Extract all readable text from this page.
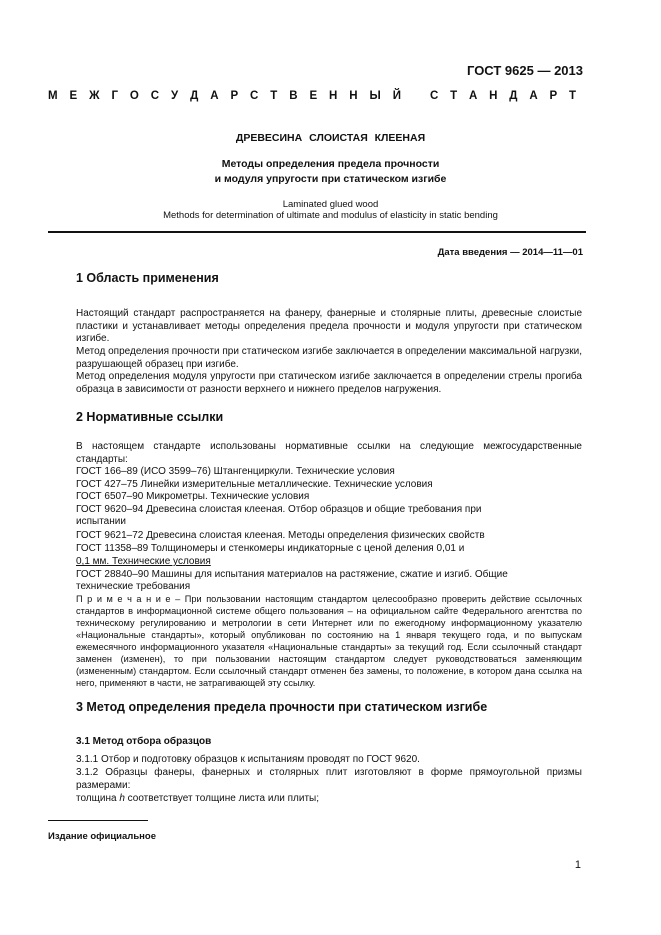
ГОСТ 9625 — 2013
М Е Ж Г О С У Д А Р С Т В Е Н Н Ы Й	С Т А Н Д А Р Т
ДРЕВЕСИНА СЛОИСТАЯ КЛЕЕНАЯ
Методы определения предела прочности
и модуля упругости при статическом изгибе
Laminated glued wood
Methods for determination of ultimate and modulus of elasticity in static bending
Дата введения — 2014—11—01
1 Область применения
Настоящий стандарт распространяется на фанеру, фанерные и столярные плиты, древесные слоистые пластики и устанавливает методы определения предела прочности и модуля упругости при статическом изгибе.
Метод определения прочности при статическом изгибе заключается в определении максимальной нагрузки, разрушающей образец при изгибе.
Метод определения модуля упругости при статическом изгибе заключается в определении стрелы прогиба образца в зависимости от разности верхнего и нижнего пределов нагружения.
2 Нормативные ссылки
В настоящем стандарте использованы нормативные ссылки на следующие межгосударственные стандарты:
ГОСТ 166–89 (ИСО 3599–76) Штангенциркули. Технические условия
ГОСТ 427–75 Линейки измерительные металлические. Технические условия
ГОСТ 6507–90 Микрометры. Технические условия
ГОСТ 9620–94 Древесина слоистая клееная. Отбор образцов и общие требования при
испытании
ГОСТ 9621–72 Древесина слоистая клееная. Методы определения физических свойств
ГОСТ 11358–89 Толщиномеры и стенкомеры индикаторные с ценой деления 0,01 и
0,1 мм. Технические условия
ГОСТ 28840–90 Машины для испытания материалов на растяжение, сжатие и изгиб. Общие
технические требования
П р и м е ч а н и е – При пользовании настоящим стандартом целесообразно проверить действие ссылочных стандартов в информационной системе общего пользования – на официальном сайте Федерального агентства по техническому регулированию и метрологии в сети Интернет или по ежегодному информационному указателю «Национальные стандарты», который опубликован по состоянию на 1 января текущего года, и по выпускам ежемесячного информационного указателя «Национальные стандарты» за текущий год. Если ссылочный стандарт заменен (изменен), то при пользовании настоящим стандартом следует руководствоваться заменяющим (измененным) стандартом. Если ссылочный стандарт отменен без замены, то положение, в котором дана ссылка на него, применяют в части, не затрагивающей эту ссылку.
3 Метод определения предела прочности при статическом изгибе
3.1 Метод отбора образцов
3.1.1 Отбор и подготовку образцов к испытаниям проводят по ГОСТ 9620.
3.1.2 Образцы фанеры, фанерных и столярных плит изготовляют в форме прямоугольной призмы размерами:
толщина h соответствует толщине листа или плиты;
Издание официальное
1
